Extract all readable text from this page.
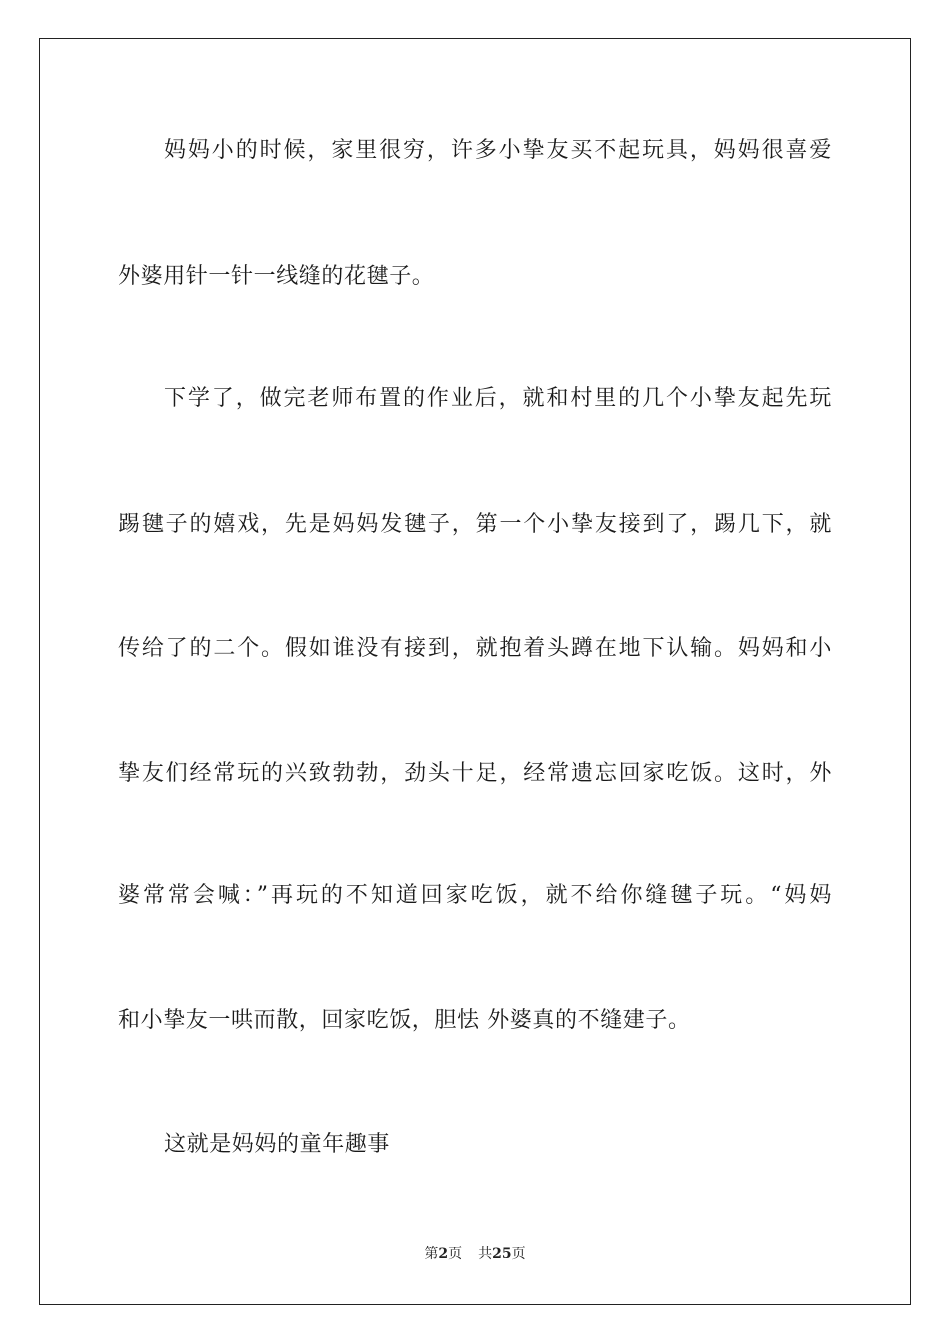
妈妈小的时候，家里很穷，许多小挚友买不起玩具，妈妈很喜爱
外婆用针一针一线缝的花毽子。
下学了，做完老师布置的作业后，就和村里的几个小挚友起先玩
踢毽子的嬉戏，先是妈妈发毽子，第一个小挚友接到了，踢几下，就
传给了的二个。假如谁没有接到，就抱着头蹲在地下认输。妈妈和小
挚友们经常玩的兴致勃勃，劲头十足，经常遗忘回家吃饭。这时，外
婆常常会喊：”再玩的不知道回家吃饭，就不给你缝毽子玩。“妈妈
和小挚友一哄而散，回家吃饭，胆怯 外婆真的不缝建子。
这就是妈妈的童年趣事
第2页 共25页
